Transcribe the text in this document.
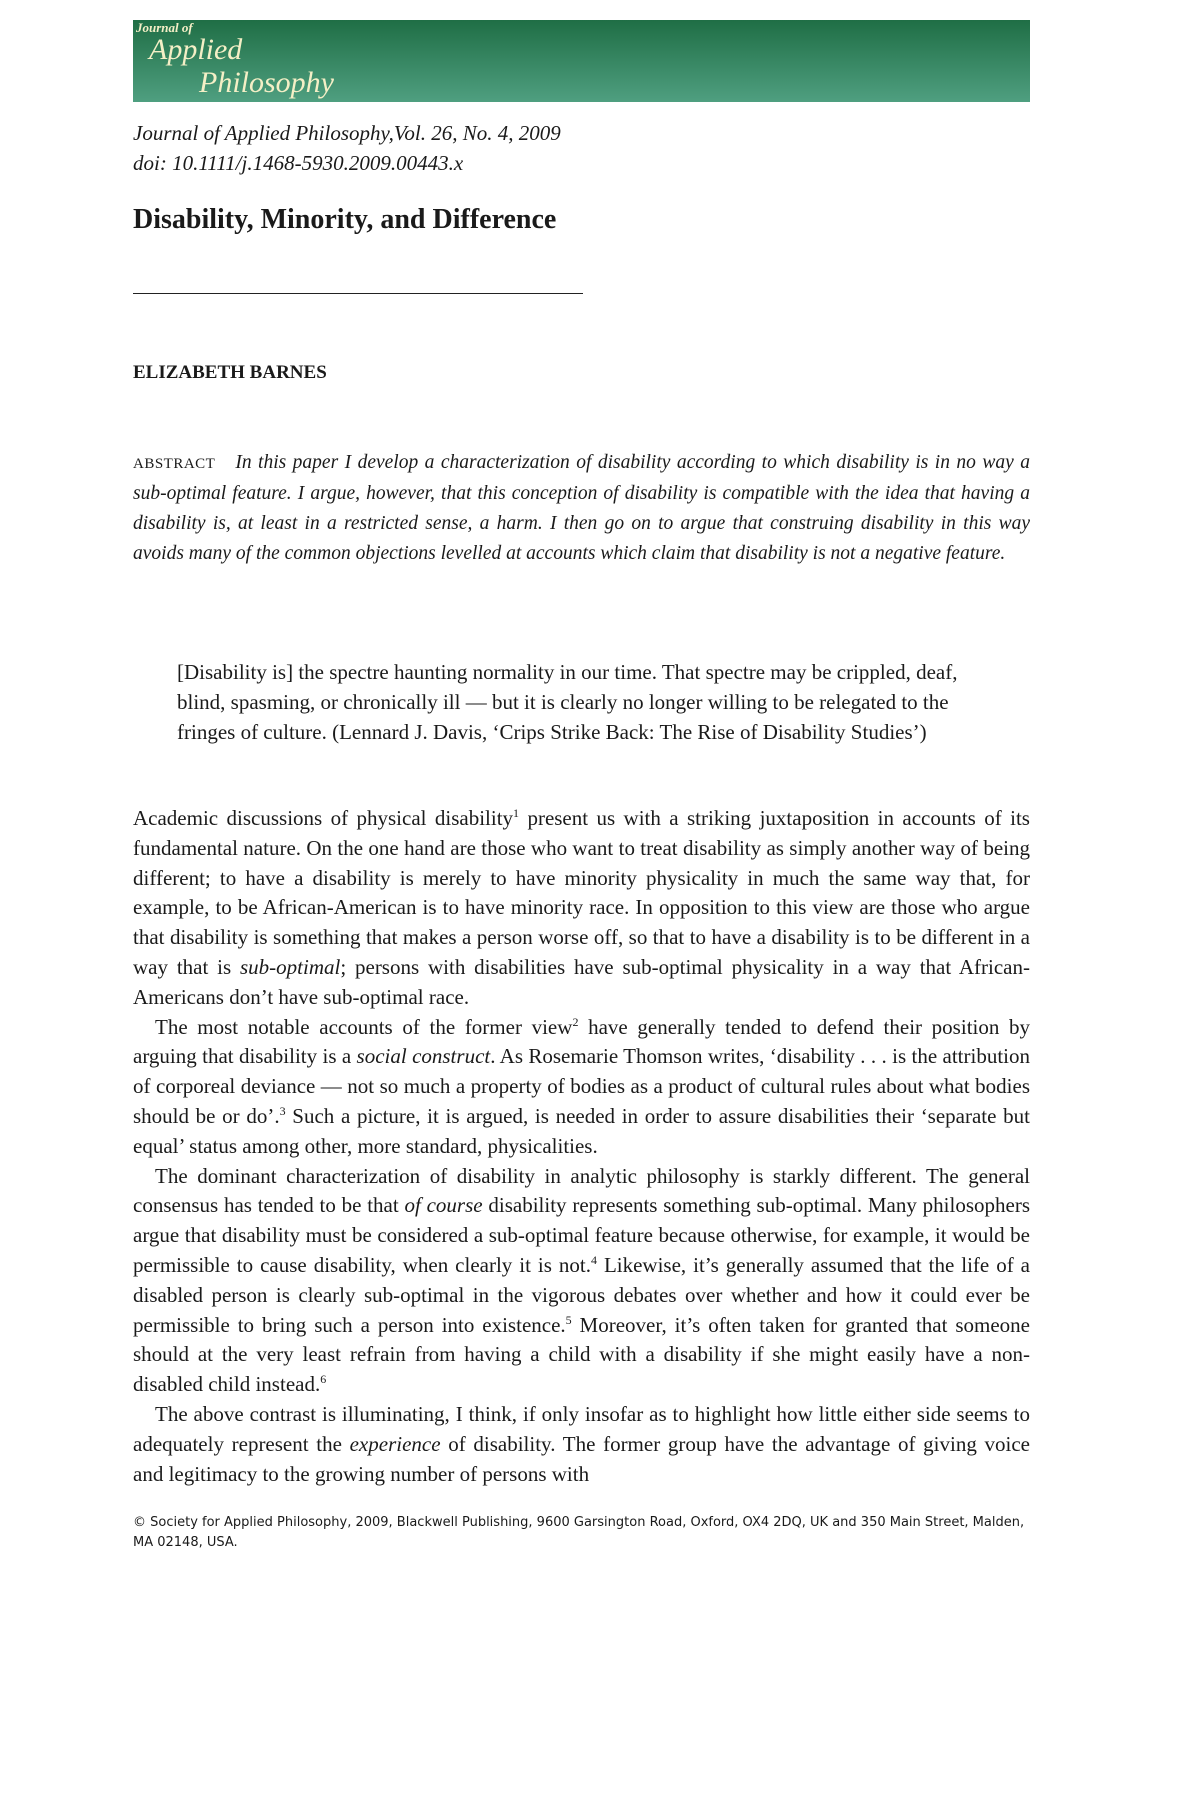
Journal of
Applied
Philosophy
Journal of Applied Philosophy,Vol. 26, No. 4, 2009
doi: 10.1111/j.1468-5930.2009.00443.x
Disability, Minority, and Difference
ELIZABETH BARNES
ABSTRACT In this paper I develop a characterization of disability according to which disability is in no way a sub-optimal feature. I argue, however, that this conception of disability is compatible with the idea that having a disability is, at least in a restricted sense, a harm. I then go on to argue that construing disability in this way avoids many of the common objections levelled at accounts which claim that disability is not a negative feature.
[Disability is] the spectre haunting normality in our time. That spectre may be crippled, deaf, blind, spasming, or chronically ill — but it is clearly no longer willing to be relegated to the fringes of culture. (Lennard J. Davis, ‘Crips Strike Back: The Rise of Disability Studies’)

Academic discussions of physical disability$^1$ present us with a striking juxtaposition in accounts of its fundamental nature. On the one hand are those who want to treat disability as simply another way of being different; to have a disability is merely to have minority physicality in much the same way that, for example, to be African-American is to have minority race. In opposition to this view are those who argue that disability is something that makes a person worse off, so that to have a disability is to be different in a way that is sub-optimal; persons with disabilities have sub-optimal physicality in a way that African-Americans don’t have sub-optimal race.

The most notable accounts of the former view$^2$ have generally tended to defend their position by arguing that disability is a social construct. As Rosemarie Thomson writes, ‘disability . . . is the attribution of corporeal deviance — not so much a property of bodies as a product of cultural rules about what bodies should be or do’.$^3$ Such a picture, it is argued, is needed in order to assure disabilities their ‘separate but equal’ status among other, more standard, physicalities.

The dominant characterization of disability in analytic philosophy is starkly different. The general consensus has tended to be that of course disability represents something sub-optimal. Many philosophers argue that disability must be considered a sub-optimal feature because otherwise, for example, it would be permissible to cause disability, when clearly it is not.$^4$ Likewise, it’s generally assumed that the life of a disabled person is clearly sub-optimal in the vigorous debates over whether and how it could ever be permissible to bring such a person into existence.$^5$ Moreover, it’s often taken for granted that someone should at the very least refrain from having a child with a disability if she might easily have a non-disabled child instead.$^6$

The above contrast is illuminating, I think, if only insofar as to highlight how little either side seems to adequately represent the experience of disability. The former group have the advantage of giving voice and legitimacy to the growing number of persons with

© Society for Applied Philosophy, 2009, Blackwell Publishing, 9600 Garsington Road, Oxford, OX4 2DQ, UK and 350 Main Street, Malden, MA 02148, USA.
